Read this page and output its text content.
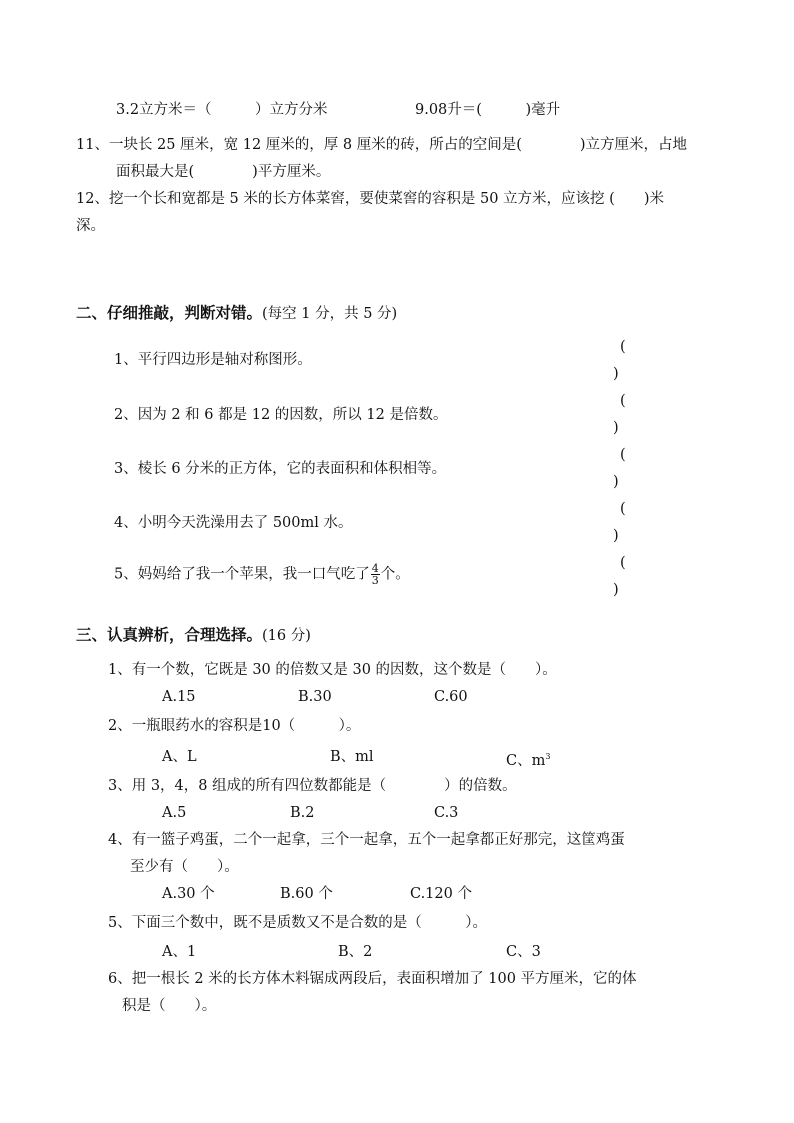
3.2立方米＝（　　　）立方分米	9.08升＝(　　　)毫升
11、一块长 25 厘米，宽 12 厘米的，厚 8 厘米的砖，所占的空间是(　　　　)立方厘米，占地
面积最大是(　　　　)平方厘米。
12、挖一个长和宽都是 5 米的长方体菜窖，要使菜窖的容积是 50 立方米，应该挖 (　　)米
深。
二、仔细推敲，判断对错。(每空 1 分，共 5 分)
1、平行四边形是轴对称图形。
(
)
2、因为 2 和 6 都是 12 的因数，所以 12 是倍数。
(
)
3、棱长 6 分米的正方体，它的表面积和体积相等。
(
)
4、小明今天洗澡用去了 500ml 水。
(
)
5、妈妈给了我一个苹果，我一口气吃了 $\frac{4}{3}$ 个。
(
)
三、认真辨析，合理选择。(16 分)
1、有一个数，它既是 30 的倍数又是 30 的因数，这个数是（　　）。
A.15	B.30	C.60
2、一瓶眼药水的容积是10（　　　）。
A、L	B、ml	C、$m^3$
3、用 3，4，8 组成的所有四位数都能是（　　　　）的倍数。
A.5	B.2	C.3
4、有一篮子鸡蛋，二个一起拿，三个一起拿，五个一起拿都正好那完，这筐鸡蛋
至少有（　　）。
A.30 个	B.60 个	C.120 个
5、下面三个数中，既不是质数又不是合数的是（　　　）。
A、1	B、2	C、3
6、把一根长 2 米的长方体木料锯成两段后，表面积增加了 100 平方厘米，它的体
积是（　　）。
